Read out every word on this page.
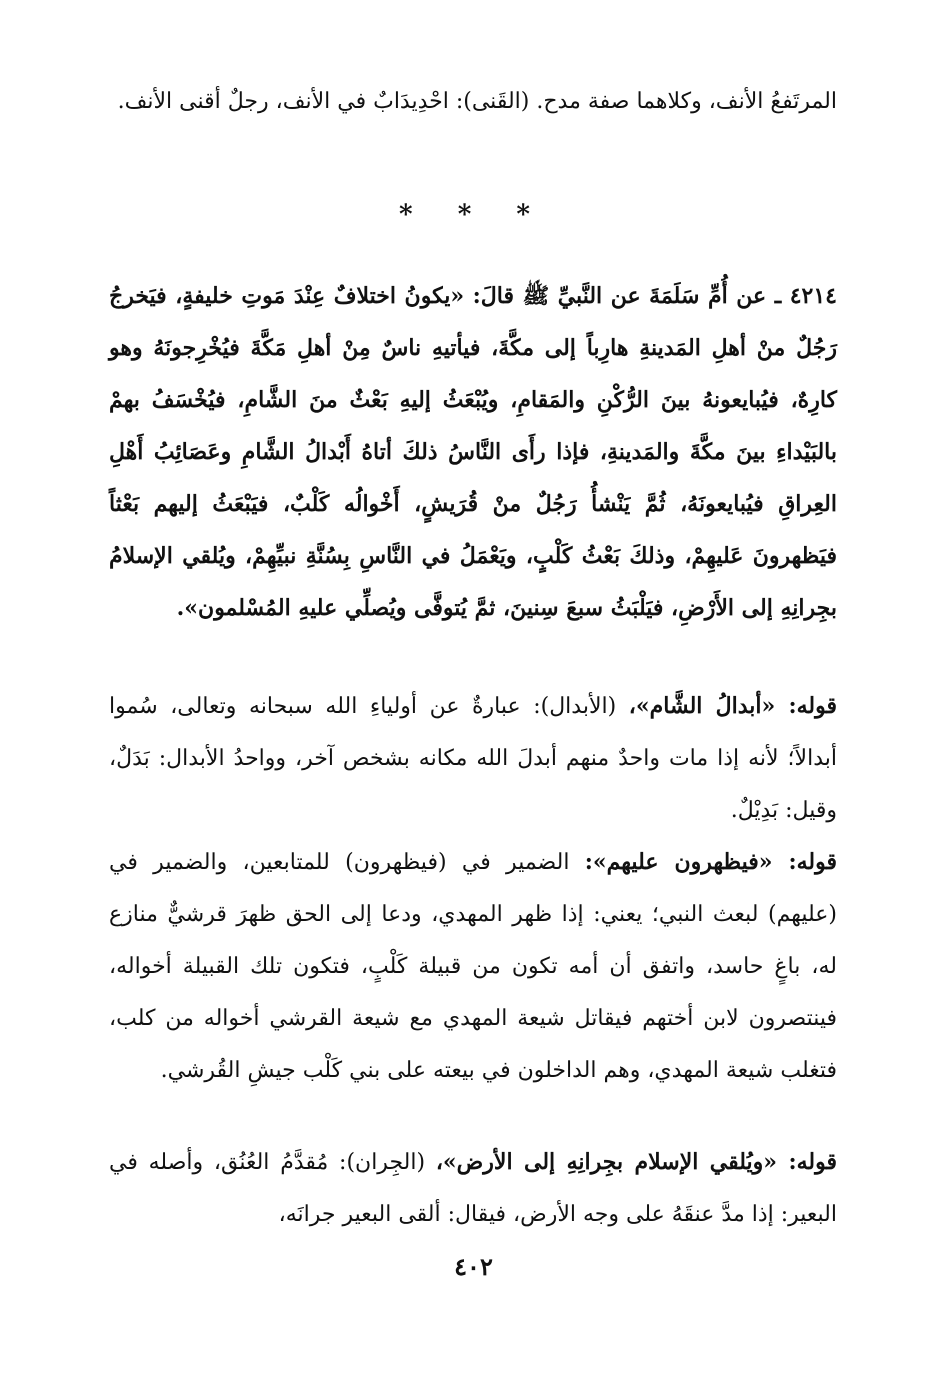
المرتَفعُ الأنف، وكلاهما صفة مدح. (القَنى): احْدِيدَابٌ في الأنف، رجلٌ أقنى الأنف.

* * *

٤٢١٤ ـ عن أُمِّ سَلَمَةَ عن النَّبيِّ ﷺ قالَ: «يكونُ اختلافٌ عِنْدَ مَوتِ خليفةٍ، فيَخرجُ رَجُلٌ منْ أهلِ المَدينةِ هارِباً إلى مكَّةَ، فيأتيهِ ناسٌ مِنْ أهلِ مَكَّةَ فيُخْرِجونَهُ وهو كارِهٌ، فيُبايعونهُ بينَ الرُّكْنِ والمَقامِ، ويُبْعَثُ إليهِ بَعْثٌ منَ الشَّامِ، فيُخْسَفُ بهمْ بالبَيْداءِ بينَ مكَّةَ والمَدينةِ، فإذا رأَى النَّاسُ ذلكَ أتاهُ أَبْدالُ الشَّامِ وعَصَائِبُ أَهْلِ العِراقِ فيُبايعونَهُ، ثُمَّ يَنْشأُ رَجُلٌ منْ قُرَيشٍ، أَخْوالُه كَلْبٌ، فيَبْعَثُ إليهم بَعْثاً فيَظهرونَ عَليهِمْ، وذلكَ بَعْثُ كَلْبٍ، ويَعْمَلُ في النَّاسِ بِسُنَّةِ نبيِّهِمْ، ويُلقي الإسلامُ بجِرانِهِ إلى الأَرْضِ، فيَلْبَثُ سبعَ سِنينَ، ثمَّ يُتوفَّى ويُصلِّي عليهِ المُسْلمون».

قوله: «أبدالُ الشَّام»، (الأبدال): عبارةٌ عن أولياءِ الله سبحانه وتعالى، سُموا أبدالاً؛ لأنه إذا مات واحدٌ منهم أبدلَ الله مكانه بشخص آخر، وواحدُ الأبدال: بَدَلٌ، وقيل: بَدِيْلٌ.

قوله: «فيظهرون عليهم»: الضمير في (فيظهرون) للمتابعين، والضمير في (عليهم) لبعث النبي؛ يعني: إذا ظهر المهدي، ودعا إلى الحق ظهرَ قرشيٌّ منازع له، باغٍ حاسد، واتفق أن أمه تكون من قبيلة كَلْبٍ، فتكون تلك القبيلة أخواله، فينتصرون لابن أختهم فيقاتل شيعة المهدي مع شيعة القرشي أخواله من كلب، فتغلب شيعة المهدي، وهم الداخلون في بيعته على بني كَلْب جيشِ القُرشي.

قوله: «ويُلقي الإسلام بجِرانِهِ إلى الأرض»، (الجِران): مُقدَّمُ العُنُق، وأصله في البعير: إذا مدَّ عنقَهُ على وجه الأرض، فيقال: ألقى البعير جرانَه،

٤٠٢
